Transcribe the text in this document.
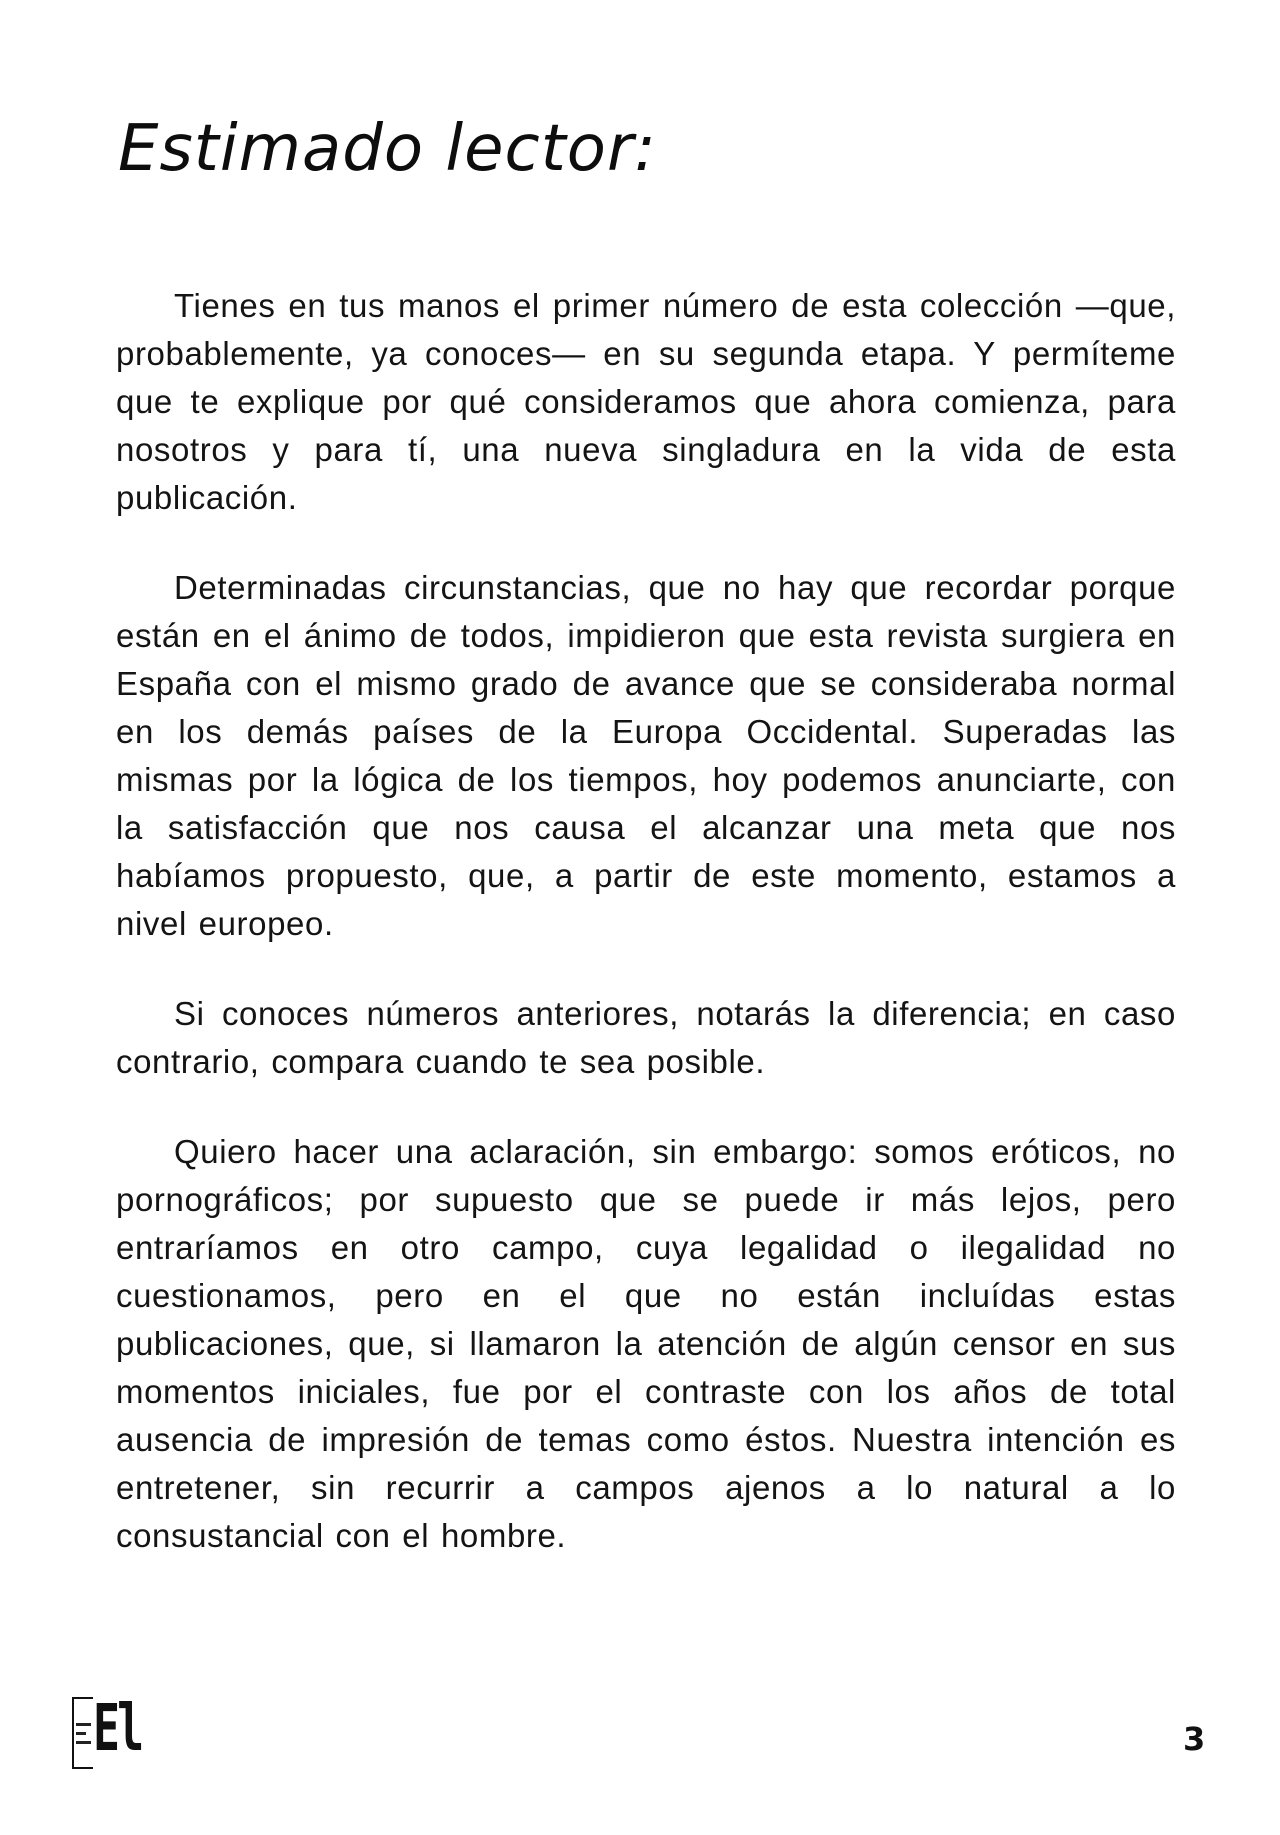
Estimado lector:

Tienes en tus manos el primer número de esta colección —que, probablemente, ya conoces— en su segunda etapa. Y permíteme que te explique por qué consideramos que ahora comienza, para nosotros y para tí, una nueva singladura en la vida de esta publicación.

Determinadas circunstancias, que no hay que recordar porque están en el ánimo de todos, impidieron que esta revista surgiera en España con el mismo grado de avance que se consideraba normal en los demás países de la Europa Occidental. Superadas las mismas por la lógica de los tiempos, hoy podemos anunciarte, con la satisfacción que nos causa el alcanzar una meta que nos habíamos propuesto, que, a partir de este momento, estamos a nivel europeo.

Si conoces números anteriores, notarás la diferencia; en caso contrario, compara cuando te sea posible.

Quiero hacer una aclaración, sin embargo: somos eróticos, no pornográficos; por supuesto que se puede ir más lejos, pero entraríamos en otro campo, cuya legalidad o ilegalidad no cuestionamos, pero en el que no están incluídas estas publicaciones, que, si llamaron la atención de algún censor en sus momentos iniciales, fue por el contraste con los años de total ausencia de impresión de temas como éstos. Nuestra intención es entretener, sin recurrir a campos ajenos a lo natural a lo consustancial con el hombre.

El	3
